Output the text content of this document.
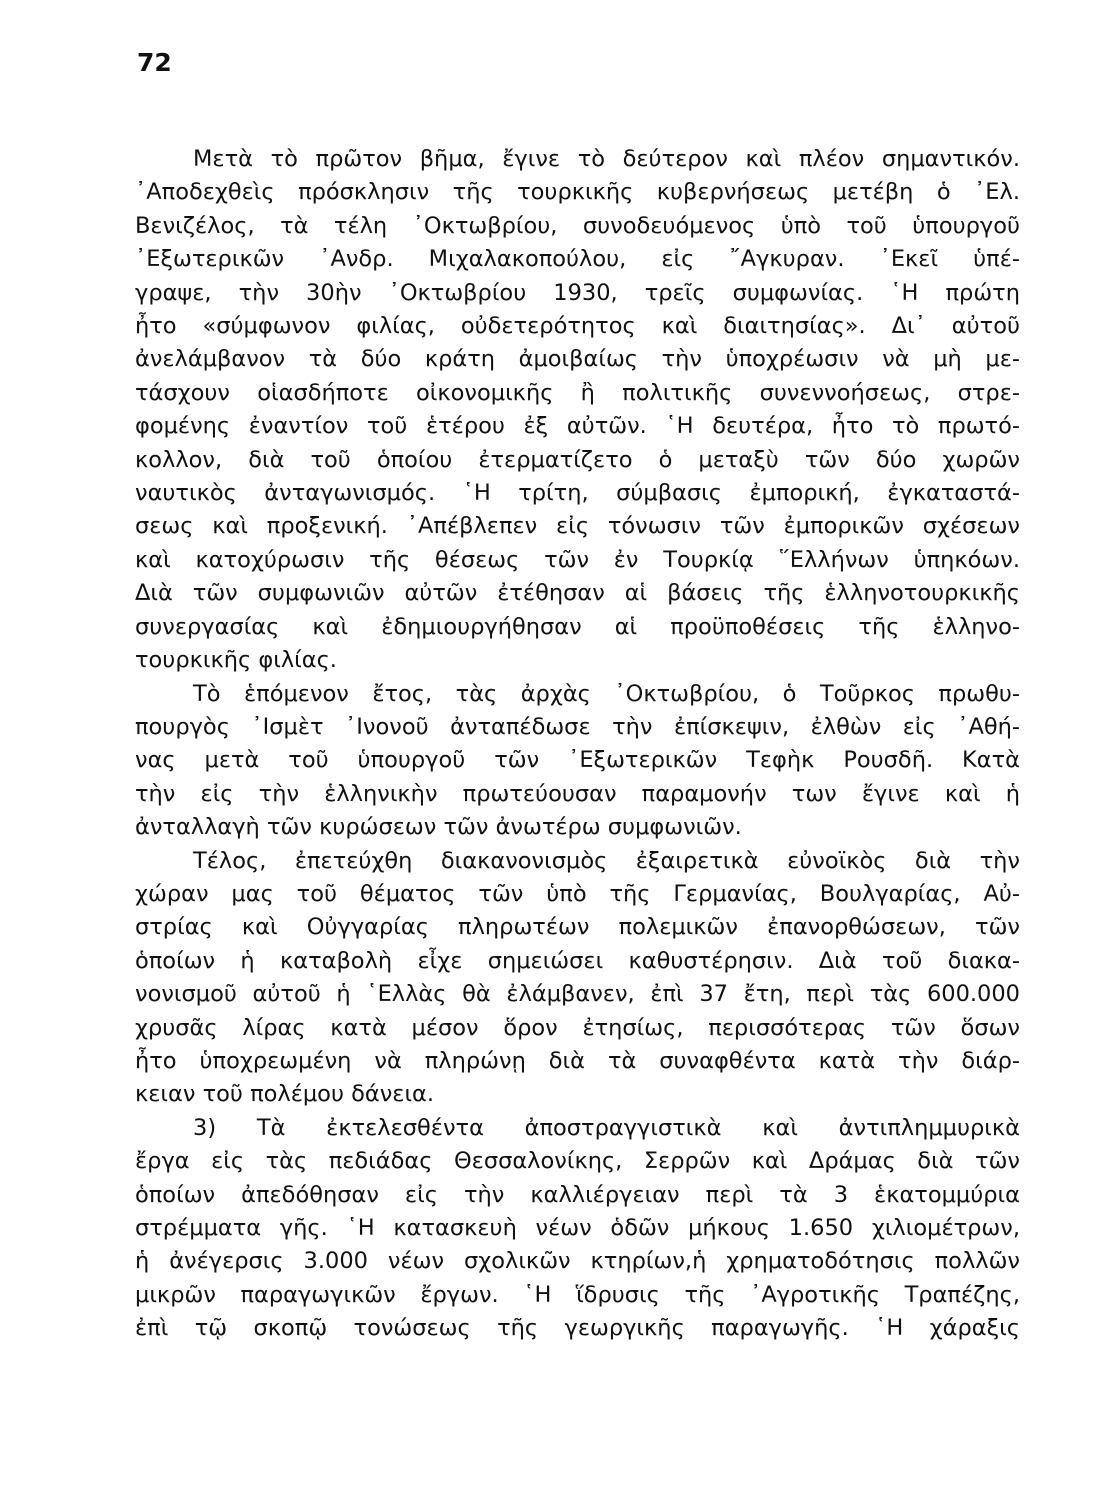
72
Μετὰ τὸ πρῶτον βῆμα, ἔγινε τὸ δεύτερον καὶ πλέον σημαντικόν.
᾿Αποδεχθεὶς πρόσκλησιν τῆς τουρκικῆς κυβερνήσεως μετέβη ὁ ᾿Ελ.
Βενιζέλος, τὰ τέλη ᾿Οκτωβρίου, συνοδευόμενος ὑπὸ τοῦ ὑπουργοῦ
᾿Εξωτερικῶν ᾿Ανδρ. Μιχαλακοπούλου, εἰς ῎Αγκυραν. ᾿Εκεῖ ὑπέ-
γραψε, τὴν 30ὴν ᾿Οκτωβρίου 1930, τρεῖς συμφωνίας. ῾Η πρώτη
ἦτο «σύμφωνον φιλίας, οὐδετερότητος καὶ διαιτησίας». Δι᾿ αὐτοῦ
ἀνελάμβανον τὰ δύο κράτη ἀμοιβαίως τὴν ὑποχρέωσιν νὰ μὴ με-
τάσχουν οἱασδήποτε οἰκονομικῆς ἢ πολιτικῆς συνεννοήσεως, στρε-
φομένης ἐναντίον τοῦ ἑτέρου ἐξ αὐτῶν. ῾Η δευτέρα, ἦτο τὸ πρωτό-
κολλον, διὰ τοῦ ὁποίου ἐτερματίζετο ὁ μεταξὺ τῶν δύο χωρῶν
ναυτικὸς ἀνταγωνισμός. ῾Η τρίτη, σύμβασις ἐμπορική, ἐγκαταστά-
σεως καὶ προξενική. ᾿Απέβλεπεν εἰς τόνωσιν τῶν ἐμπορικῶν σχέσεων
καὶ κατοχύρωσιν τῆς θέσεως τῶν ἐν Τουρκίᾳ ῞Ελλήνων ὑπηκόων.
Διὰ τῶν συμφωνιῶν αὐτῶν ἐτέθησαν αἱ βάσεις τῆς ἑλληνοτουρκικῆς
συνεργασίας καὶ ἐδημιουργήθησαν αἱ προϋποθέσεις τῆς ἑλληνο-
τουρκικῆς φιλίας.
Τὸ ἑπόμενον ἔτος, τὰς ἀρχὰς ᾿Οκτωβρίου, ὁ Τοῦρκος πρωθυ-
πουργὸς ᾿Ισμὲτ ᾿Ινονοῦ ἀνταπέδωσε τὴν ἐπίσκεψιν, ἐλθὼν εἰς ᾿Αθή-
νας μετὰ τοῦ ὑπουργοῦ τῶν ᾿Εξωτερικῶν Τεφὴκ Ρουσδῆ. Κατὰ
τὴν εἰς τὴν ἑλληνικὴν πρωτεύουσαν παραμονήν των ἔγινε καὶ ἡ
ἀνταλλαγὴ τῶν κυρώσεων τῶν ἀνωτέρω συμφωνιῶν.
Τέλος, ἐπετεύχθη διακανονισμὸς ἐξαιρετικὰ εὐνοϊκὸς διὰ τὴν
χώραν μας τοῦ θέματος τῶν ὑπὸ τῆς Γερμανίας, Βουλγαρίας, Αὐ-
στρίας καὶ Οὐγγαρίας πληρωτέων πολεμικῶν ἐπανορθώσεων, τῶν
ὁποίων ἡ καταβολὴ εἶχε σημειώσει καθυστέρησιν. Διὰ τοῦ διακα-
νονισμοῦ αὐτοῦ ἡ ῾Ελλὰς θὰ ἐλάμβανεν, ἐπὶ 37 ἔτη, περὶ τὰς 600.000
χρυσᾶς λίρας κατὰ μέσον ὅρον ἐτησίως, περισσότερας τῶν ὅσων
ἦτο ὑποχρεωμένη νὰ πληρώνῃ διὰ τὰ συναφθέντα κατὰ τὴν διάρ-
κειαν τοῦ πολέμου δάνεια.
3) Τὰ ἐκτελεσθέντα ἀποστραγγιστικὰ καὶ ἀντιπλημμυρικὰ
ἔργα εἰς τὰς πεδιάδας Θεσσαλονίκης, Σερρῶν καὶ Δράμας διὰ τῶν
ὁποίων ἀπεδόθησαν εἰς τὴν καλλιέργειαν περὶ τὰ 3 ἑκατομμύρια
στρέμματα γῆς. ῾Η κατασκευὴ νέων ὁδῶν μήκους 1.650 χιλιομέτρων,
ἡ ἀνέγερσις 3.000 νέων σχολικῶν κτηρίων,ἡ χρηματοδότησις πολλῶν
μικρῶν παραγωγικῶν ἔργων. ῾Η ἵδρυσις τῆς ᾿Αγροτικῆς Τραπέζης,
ἐπὶ τῷ σκοπῷ τονώσεως τῆς γεωργικῆς παραγωγῆς. ῾Η χάραξις
